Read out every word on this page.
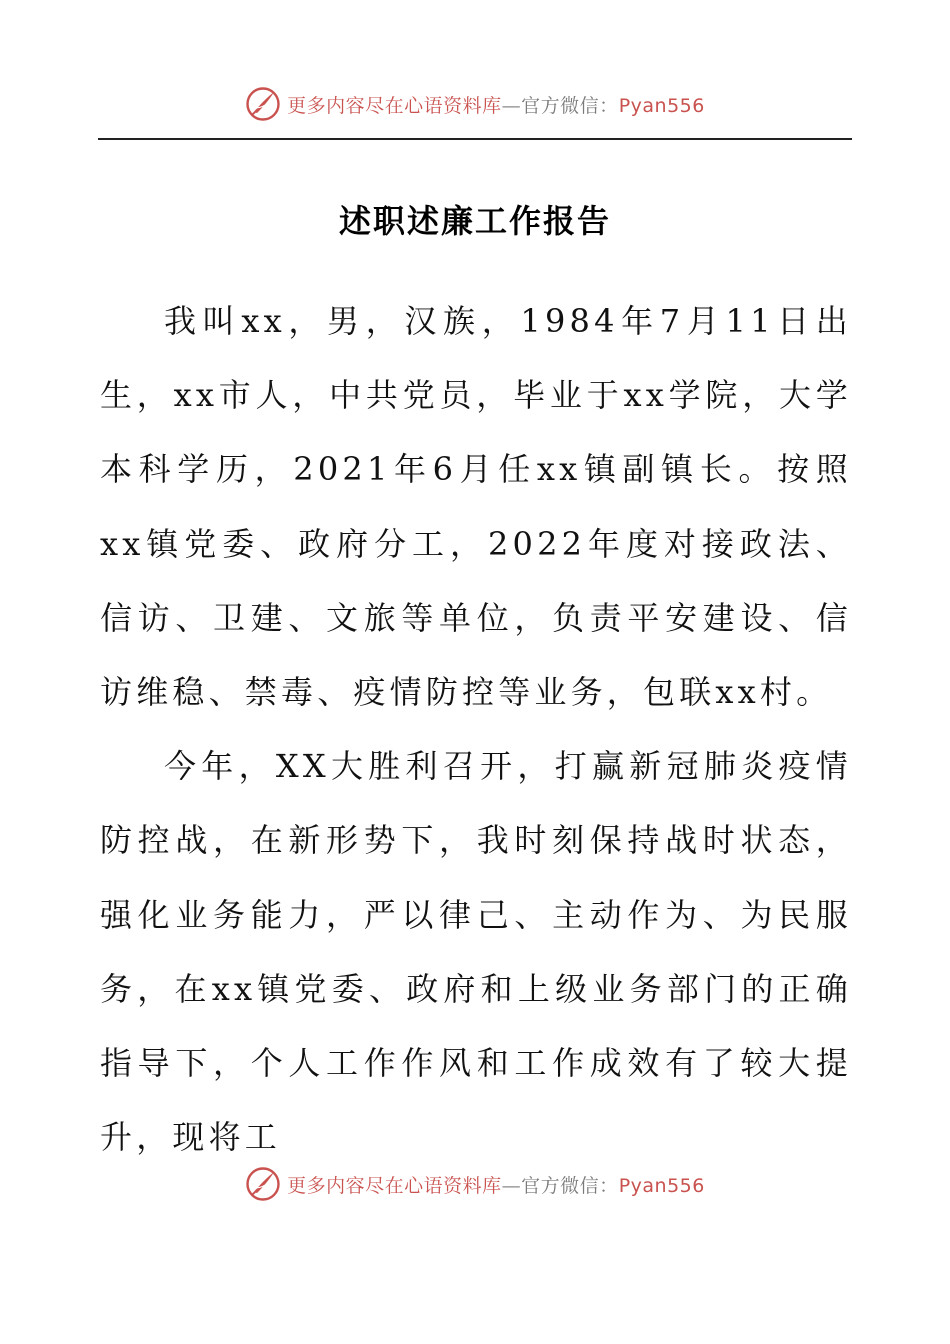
更多内容尽在心语资料库—官方微信：Pyan556
述职述廉工作报告

我叫xx，男，汉族，1984年7月11日出生，xx市人，中共党员，毕业于xx学院，大学本科学历，2021年6月任xx镇副镇长。按照xx镇党委、政府分工，2022年度对接政法、信访、卫建、文旅等单位，负责平安建设、信访维稳、禁毒、疫情防控等业务，包联xx村。

今年，XX大胜利召开，打赢新冠肺炎疫情防控战，在新形势下，我时刻保持战时状态，强化业务能力，严以律己、主动作为、为民服务，在xx镇党委、政府和上级业务部门的正确指导下，个人工作作风和工作成效有了较大提升，现将工

更多内容尽在心语资料库—官方微信：Pyan556
